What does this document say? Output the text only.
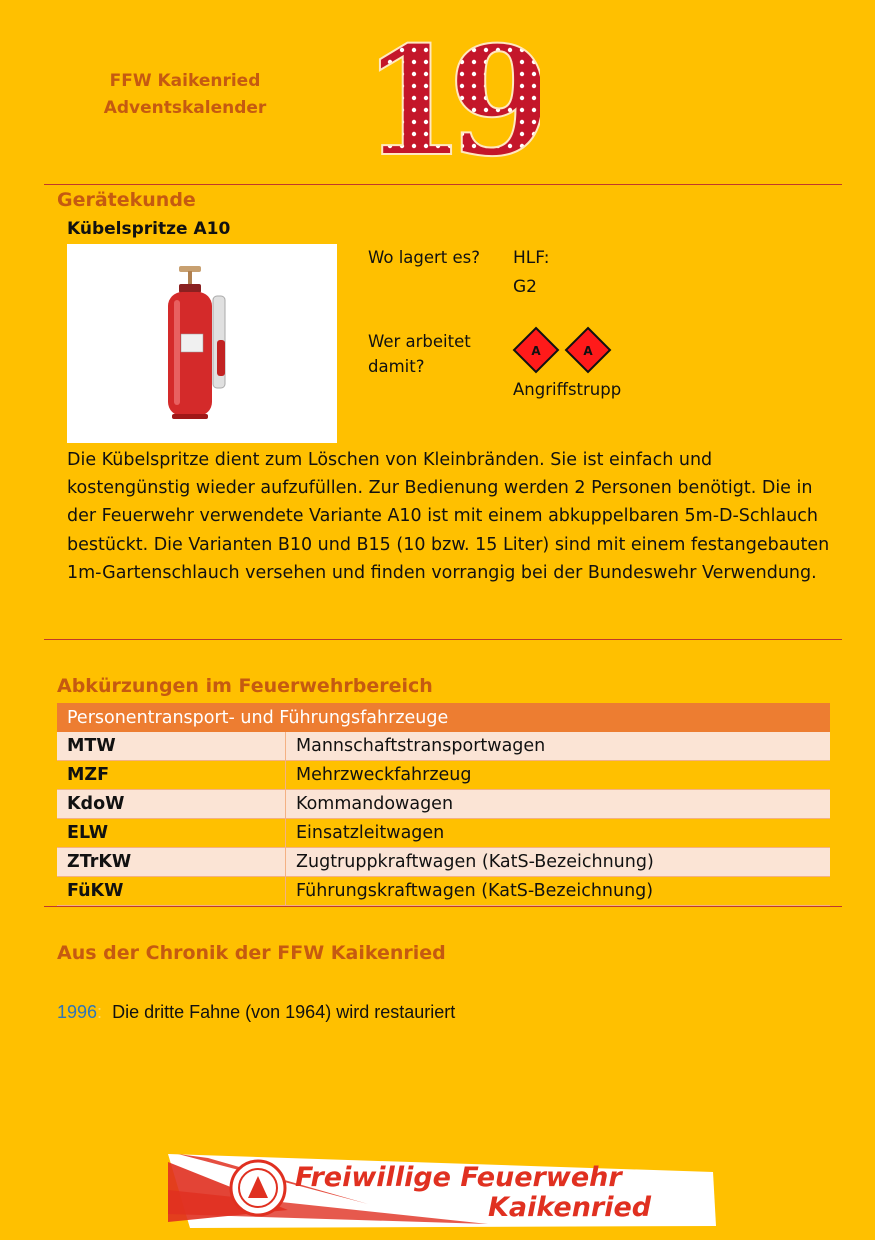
FFW Kaikenried
Adventskalender 19
Gerätekunde
Kübelspritze A10
Wo lagert es? HLF:
G2
Wer arbeitet
damit?
A	A
Angriffstrupp
Die Kübelspritze dient zum Löschen von Kleinbränden. Sie ist einfach und kostengünstig wieder aufzufüllen. Zur Bedienung werden 2 Personen benötigt. Die in der Feuerwehr verwendete Variante A10 ist mit einem abkuppelbaren 5m-D-Schlauch bestückt. Die Varianten B10 und B15 (10 bzw. 15 Liter) sind mit einem festangebauten 1m-Gartenschlauch versehen und finden vorrangig bei der Bundeswehr Verwendung.
Abkürzungen im Feuerwehrbereich
Personentransport- und Führungsfahrzeuge	
MTW	Mannschaftstransportwagen
MZF	Mehrzweckfahrzeug
KdoW	Kommandowagen
ELW	Einsatzleitwagen
ZTrKW	Zugtruppkraftwagen (KatS-Bezeichnung)
FüKW	Führungskraftwagen (KatS-Bezeichnung)
Aus der Chronik der FFW Kaikenried
1996: Die dritte Fahne (von 1964) wird restauriert
Freiwillige Feuerwehr
Kaikenried
